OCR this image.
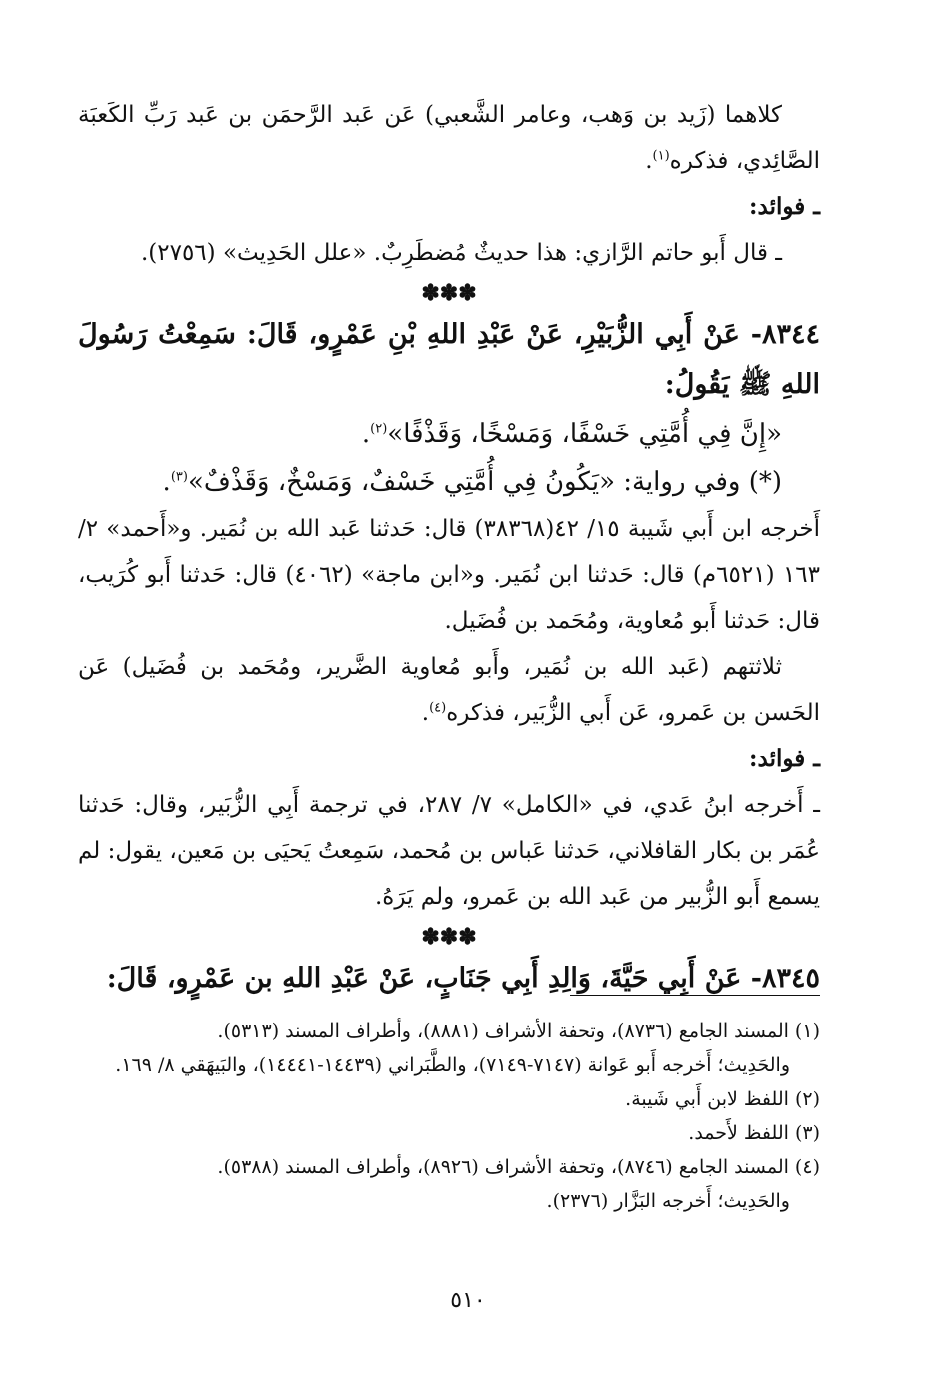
كلاهما (زَيد بن وَهب، وعامر الشَّعبي) عَن عَبد الرَّحمَن بن عَبد رَبِّ الكَعبَة الصَّائِدي، فذكره$^{(١)}$.

ـ فوائد:

ـ قال أَبو حاتم الرَّازي: هذا حديثٌ مُضطَرِبٌ. «علل الحَدِيث» (٢٧٥٦).

✽✽✽

٨٣٤٤- عَنْ أَبِي الزُّبَيْرِ، عَنْ عَبْدِ اللهِ بْنِ عَمْرٍو، قَالَ: سَمِعْتُ رَسُولَ اللهِ ﷺ يَقُولُ:

«إِنَّ فِي أُمَّتِي خَسْفًا، وَمَسْخًا، وَقَذْفًا»$^{(٢)}$.

(*) وفي رواية: «يَكُونُ فِي أُمَّتِي خَسْفٌ، وَمَسْخٌ، وَقَذْفٌ»$^{(٣)}$.

أَخرجه ابن أَبي شَيبة ١٥/ ٤٢(٣٨٣٦٨) قال: حَدثنا عَبد الله بن نُمَير. و«أَحمد» ٢/ ١٦٣ (٦٥٢١م) قال: حَدثنا ابن نُمَير. و«ابن ماجة» (٤٠٦٢) قال: حَدثنا أَبو كُرَيب، قال: حَدثنا أَبو مُعاوية، ومُحَمد بن فُضَيل.

ثلاثتهم (عَبد الله بن نُمَير، وأَبو مُعاوية الضَّرير، ومُحَمد بن فُضَيل) عَن الحَسن بن عَمرو، عَن أَبي الزُّبَير، فذكره$^{(٤)}$.

ـ فوائد:

ـ أَخرجه ابنُ عَدي، في «الكامل» ٧/ ٢٨٧، في ترجمة أَبِي الزُّبَير، وقال: حَدثنا عُمَر بن بكار القافلاني، حَدثنا عَباس بن مُحمد، سَمِعتُ يَحيَى بن مَعين، يقول: لم يسمع أَبو الزُّبير من عَبد الله بن عَمرو، ولم يَرَهُ.

✽✽✽

٨٣٤٥- عَنْ أَبِي حَيَّةَ، وَالِدِ أَبِي جَنَابٍ، عَنْ عَبْدِ اللهِ بن عَمْرٍو، قَالَ:

(١) المسند الجامع (٨٧٣٦)، وتحفة الأشراف (٨٨٨١)، وأطراف المسند (٥٣١٣).

والحَدِيث؛ أَخرجه أَبو عَوانة (٧١٤٧-٧١٤٩)، والطَّبَراني (١٤٤٣٩-١٤٤٤١)، والبَيهَقي ٨/ ١٦٩.

(٢) اللفظ لابن أَبي شَيبة.

(٣) اللفظ لأَحمد.

(٤) المسند الجامع (٨٧٤٦)، وتحفة الأشراف (٨٩٢٦)، وأطراف المسند (٥٣٨٨).

والحَدِيث؛ أَخرجه البَزَّار (٢٣٧٦).

٥١٠
